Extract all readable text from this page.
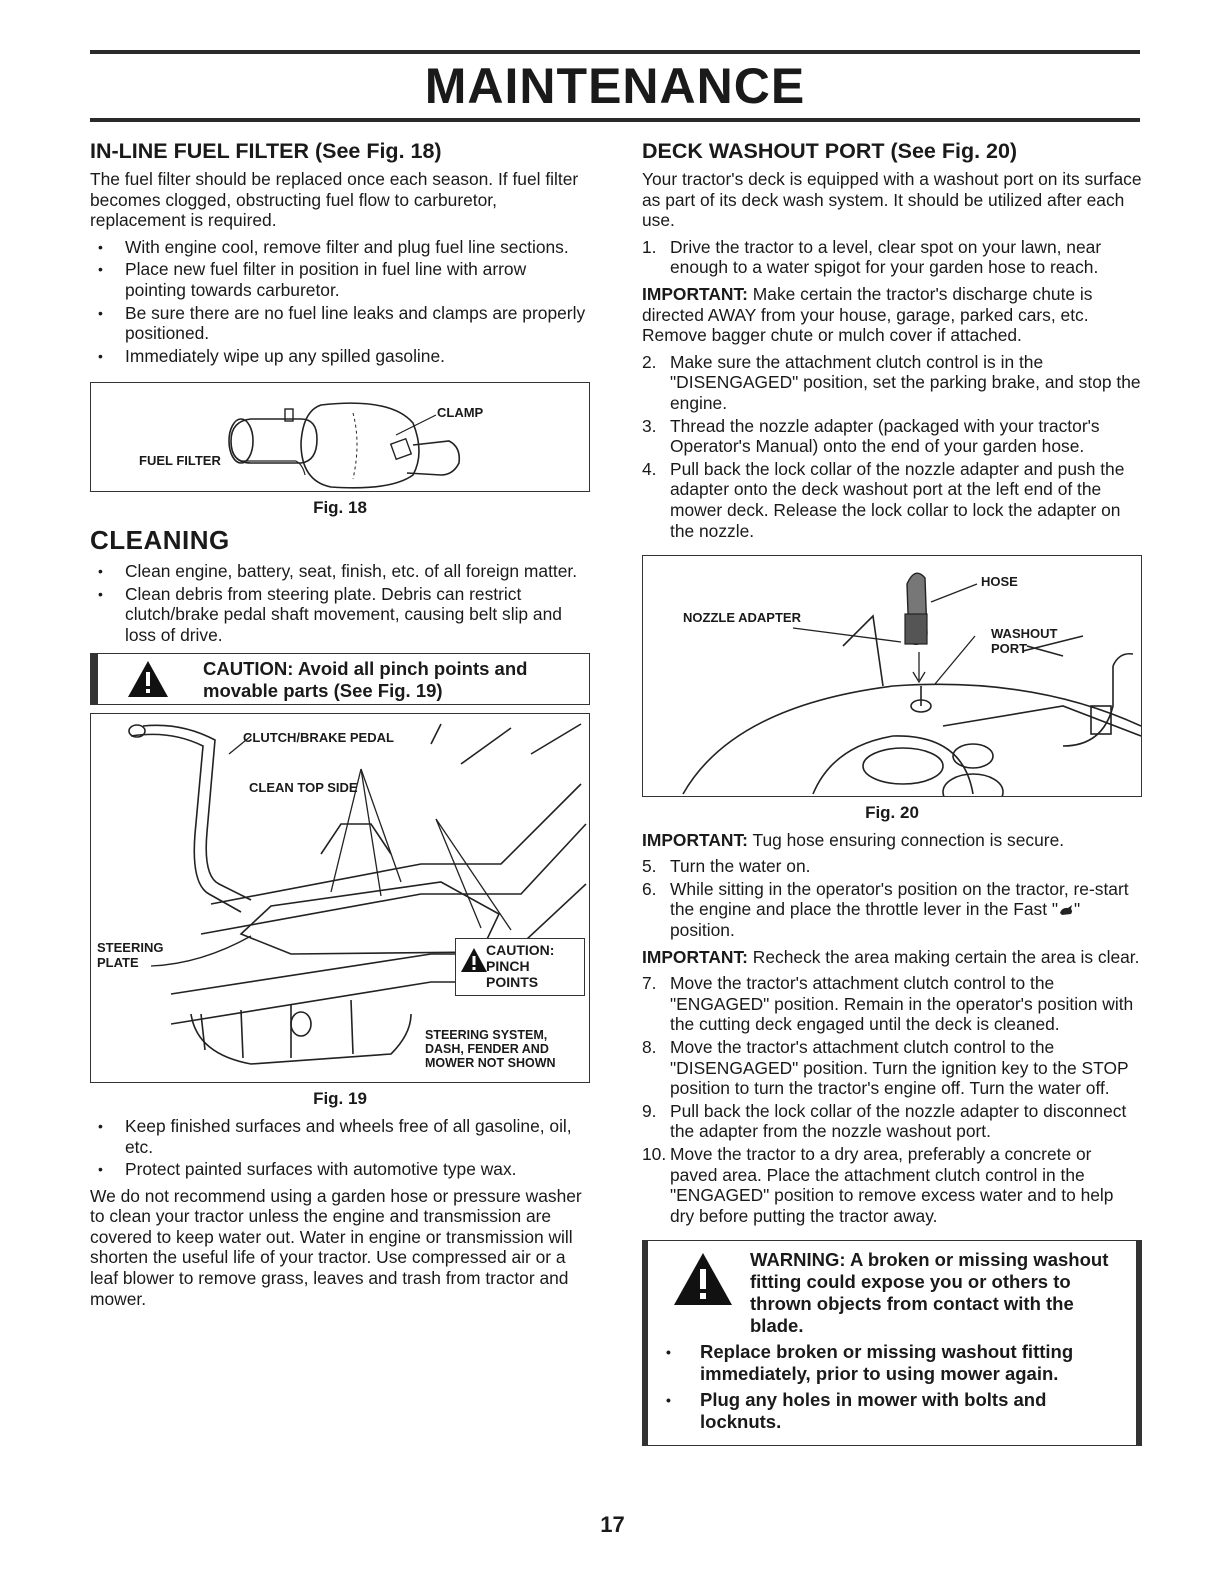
MAINTENANCE
IN-LINE FUEL FILTER (See Fig. 18)

The fuel filter should be replaced once each season. If fuel filter becomes clogged, obstructing fuel flow to carburetor, replacement is required.

• With engine cool, remove filter and plug fuel line sections.
• Place new fuel filter in position in fuel line with arrow pointing towards carburetor.
• Be sure there are no fuel line leaks and clamps are properly positioned.
• Immediately wipe up any spilled gasoline.
CLAMP
FUEL FILTER
Fig. 18
CLEANING
• Clean engine, battery, seat, finish, etc. of all foreign matter.
• Clean debris from steering plate. Debris can restrict clutch/brake pedal shaft movement, causing belt slip and loss of drive.
CAUTION: Avoid all pinch points and
movable parts (See Fig. 19)
CLUTCH/BRAKE PEDAL
CLEAN TOP SIDE
STEERING
PLATE
CAUTION:
PINCH
POINTS
STEERING SYSTEM,
DASH, FENDER AND
MOWER NOT SHOWN
Fig. 19
• Keep finished surfaces and wheels free of all gasoline, oil, etc.
• Protect painted surfaces with automotive type wax.

We do not recommend using a garden hose or pressure washer to clean your tractor unless the engine and transmission are covered to keep water out. Water in engine or transmission will shorten the useful life of your tractor. Use compressed air or a leaf blower to remove grass, leaves and trash from tractor and mower.

DECK WASHOUT PORT (See Fig. 20)

Your tractor's deck is equipped with a washout port on its surface as part of its deck wash system. It should be utilized after each use.

1. Drive the tractor to a level, clear spot on your lawn, near enough to a water spigot for your garden hose to reach.

IMPORTANT: Make certain the tractor's discharge chute is directed AWAY from your house, garage, parked cars, etc. Remove bagger chute or mulch cover if attached.

2. Make sure the attachment clutch control is in the "DISENGAGED" position, set the parking brake, and stop the engine.
3. Thread the nozzle adapter (packaged with your tractor's Operator's Manual) onto the end of your garden hose.
4. Pull back the lock collar of the nozzle adapter and push the adapter onto the deck washout port at the left end of the mower deck. Release the lock collar to lock the adapter on the nozzle.
HOSE
NOZZLE ADAPTER
WASHOUT
PORT
Fig. 20

IMPORTANT: Tug hose ensuring connection is secure.

5. Turn the water on.
6. While sitting in the operator's position on the tractor, re-start the engine and place the throttle lever in the Fast " " position.

IMPORTANT: Recheck the area making certain the area is clear.

7. Move the tractor's attachment clutch control to the "ENGAGED" position. Remain in the operator's position with the cutting deck engaged until the deck is cleaned.
8. Move the tractor's attachment clutch control to the "DISENGAGED" position. Turn the ignition key to the STOP position to turn the tractor's engine off. Turn the water off.
9. Pull back the lock collar of the nozzle adapter to disconnect the adapter from the nozzle washout port.
10. Move the tractor to a dry area, preferably a concrete or paved area. Place the attachment clutch control in the "ENGAGED" position to remove excess water and to help dry before putting the tractor away.
WARNING: A broken or missing washout fitting could expose you or others to thrown objects from contact with the blade.
• Replace broken or missing washout fitting immediately, prior to using mower again.
• Plug any holes in mower with bolts and locknuts.
17
